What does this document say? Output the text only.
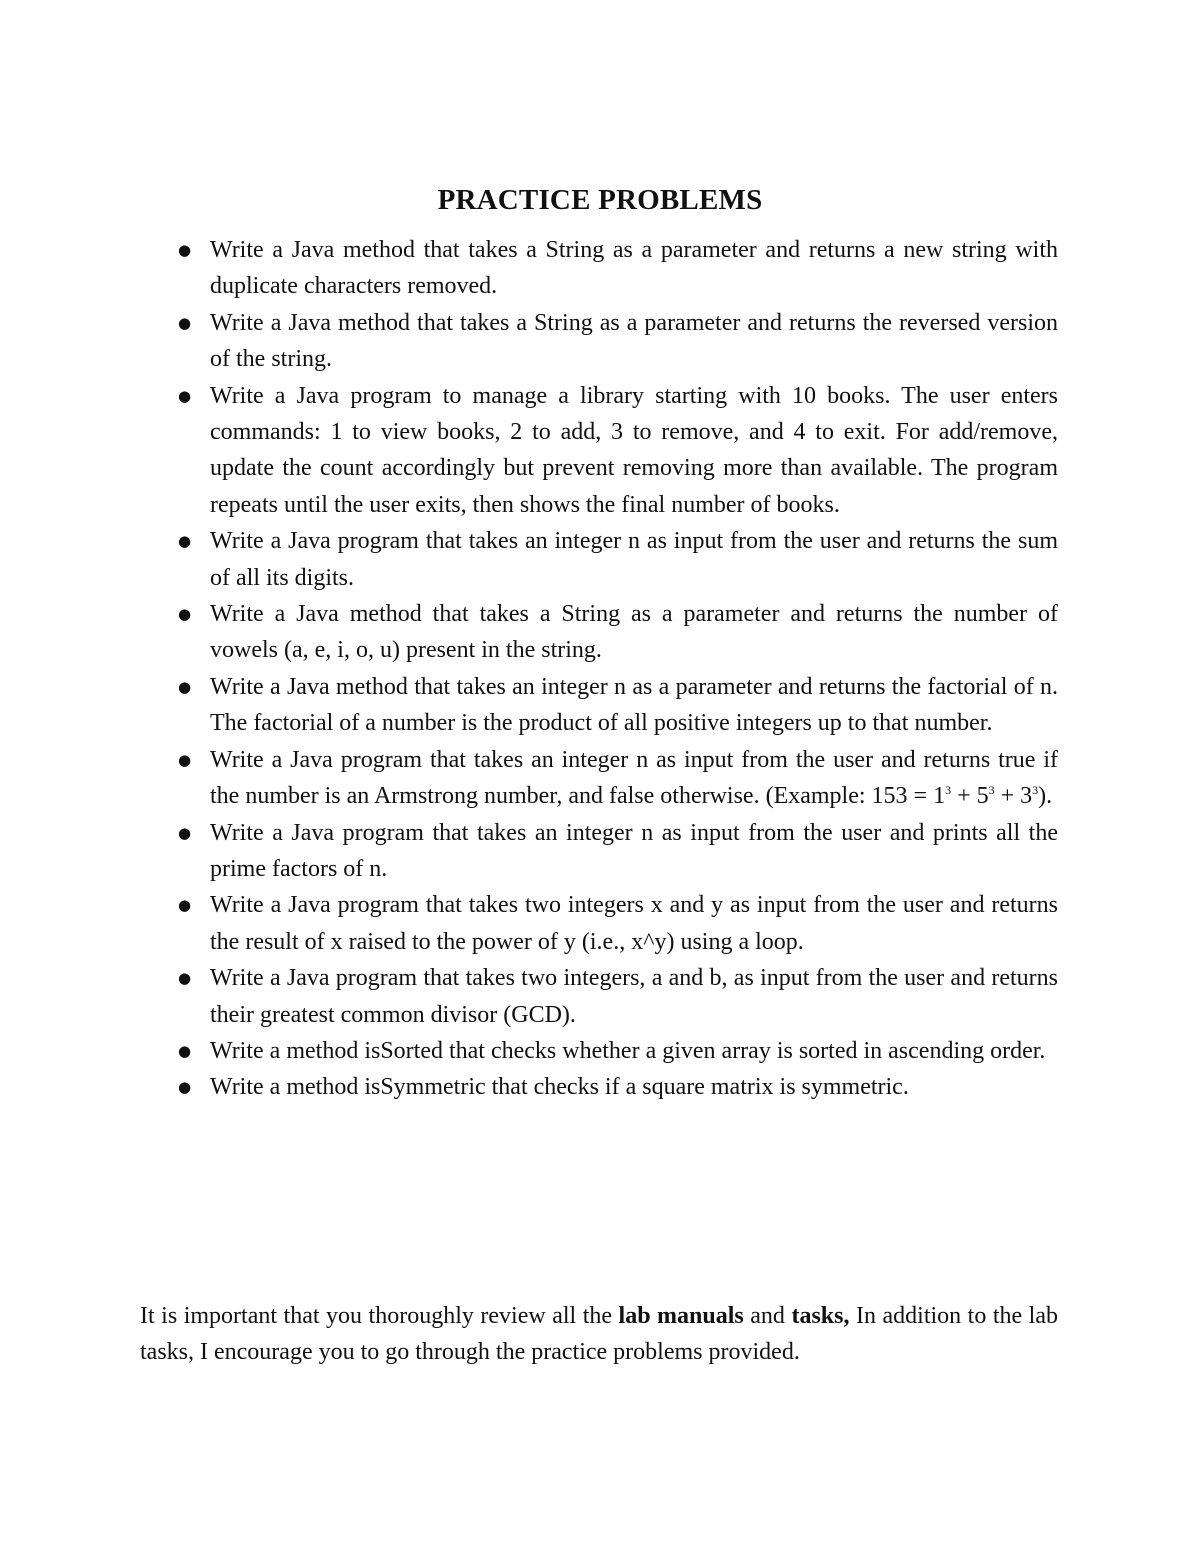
PRACTICE PROBLEMS
● Write a Java method that takes a String as a parameter and returns a new string with duplicate characters removed.
● Write a Java method that takes a String as a parameter and returns the reversed version of the string.
● Write a Java program to manage a library starting with 10 books. The user enters commands: 1 to view books, 2 to add, 3 to remove, and 4 to exit. For add/remove, update the count accordingly but prevent removing more than available. The program repeats until the user exits, then shows the final number of books.
● Write a Java program that takes an integer n as input from the user and returns the sum of all its digits.
● Write a Java method that takes a String as a parameter and returns the number of vowels (a, e, i, o, u) present in the string.
● Write a Java method that takes an integer n as a parameter and returns the factorial of n. The factorial of a number is the product of all positive integers up to that number.
● Write a Java program that takes an integer n as input from the user and returns true if the number is an Armstrong number, and false otherwise. (Example: $153 = 1^3 + 5^3 + 3^3$).
● Write a Java program that takes an integer n as input from the user and prints all the prime factors of n.
● Write a Java program that takes two integers x and y as input from the user and returns the result of x raised to the power of y (i.e., x^y) using a loop.
● Write a Java program that takes two integers, a and b, as input from the user and returns their greatest common divisor (GCD).
● Write a method isSorted that checks whether a given array is sorted in ascending order.
● Write a method isSymmetric that checks if a square matrix is symmetric.

It is important that you thoroughly review all the lab manuals and tasks, In addition to the lab tasks, I encourage you to go through the practice problems provided.
